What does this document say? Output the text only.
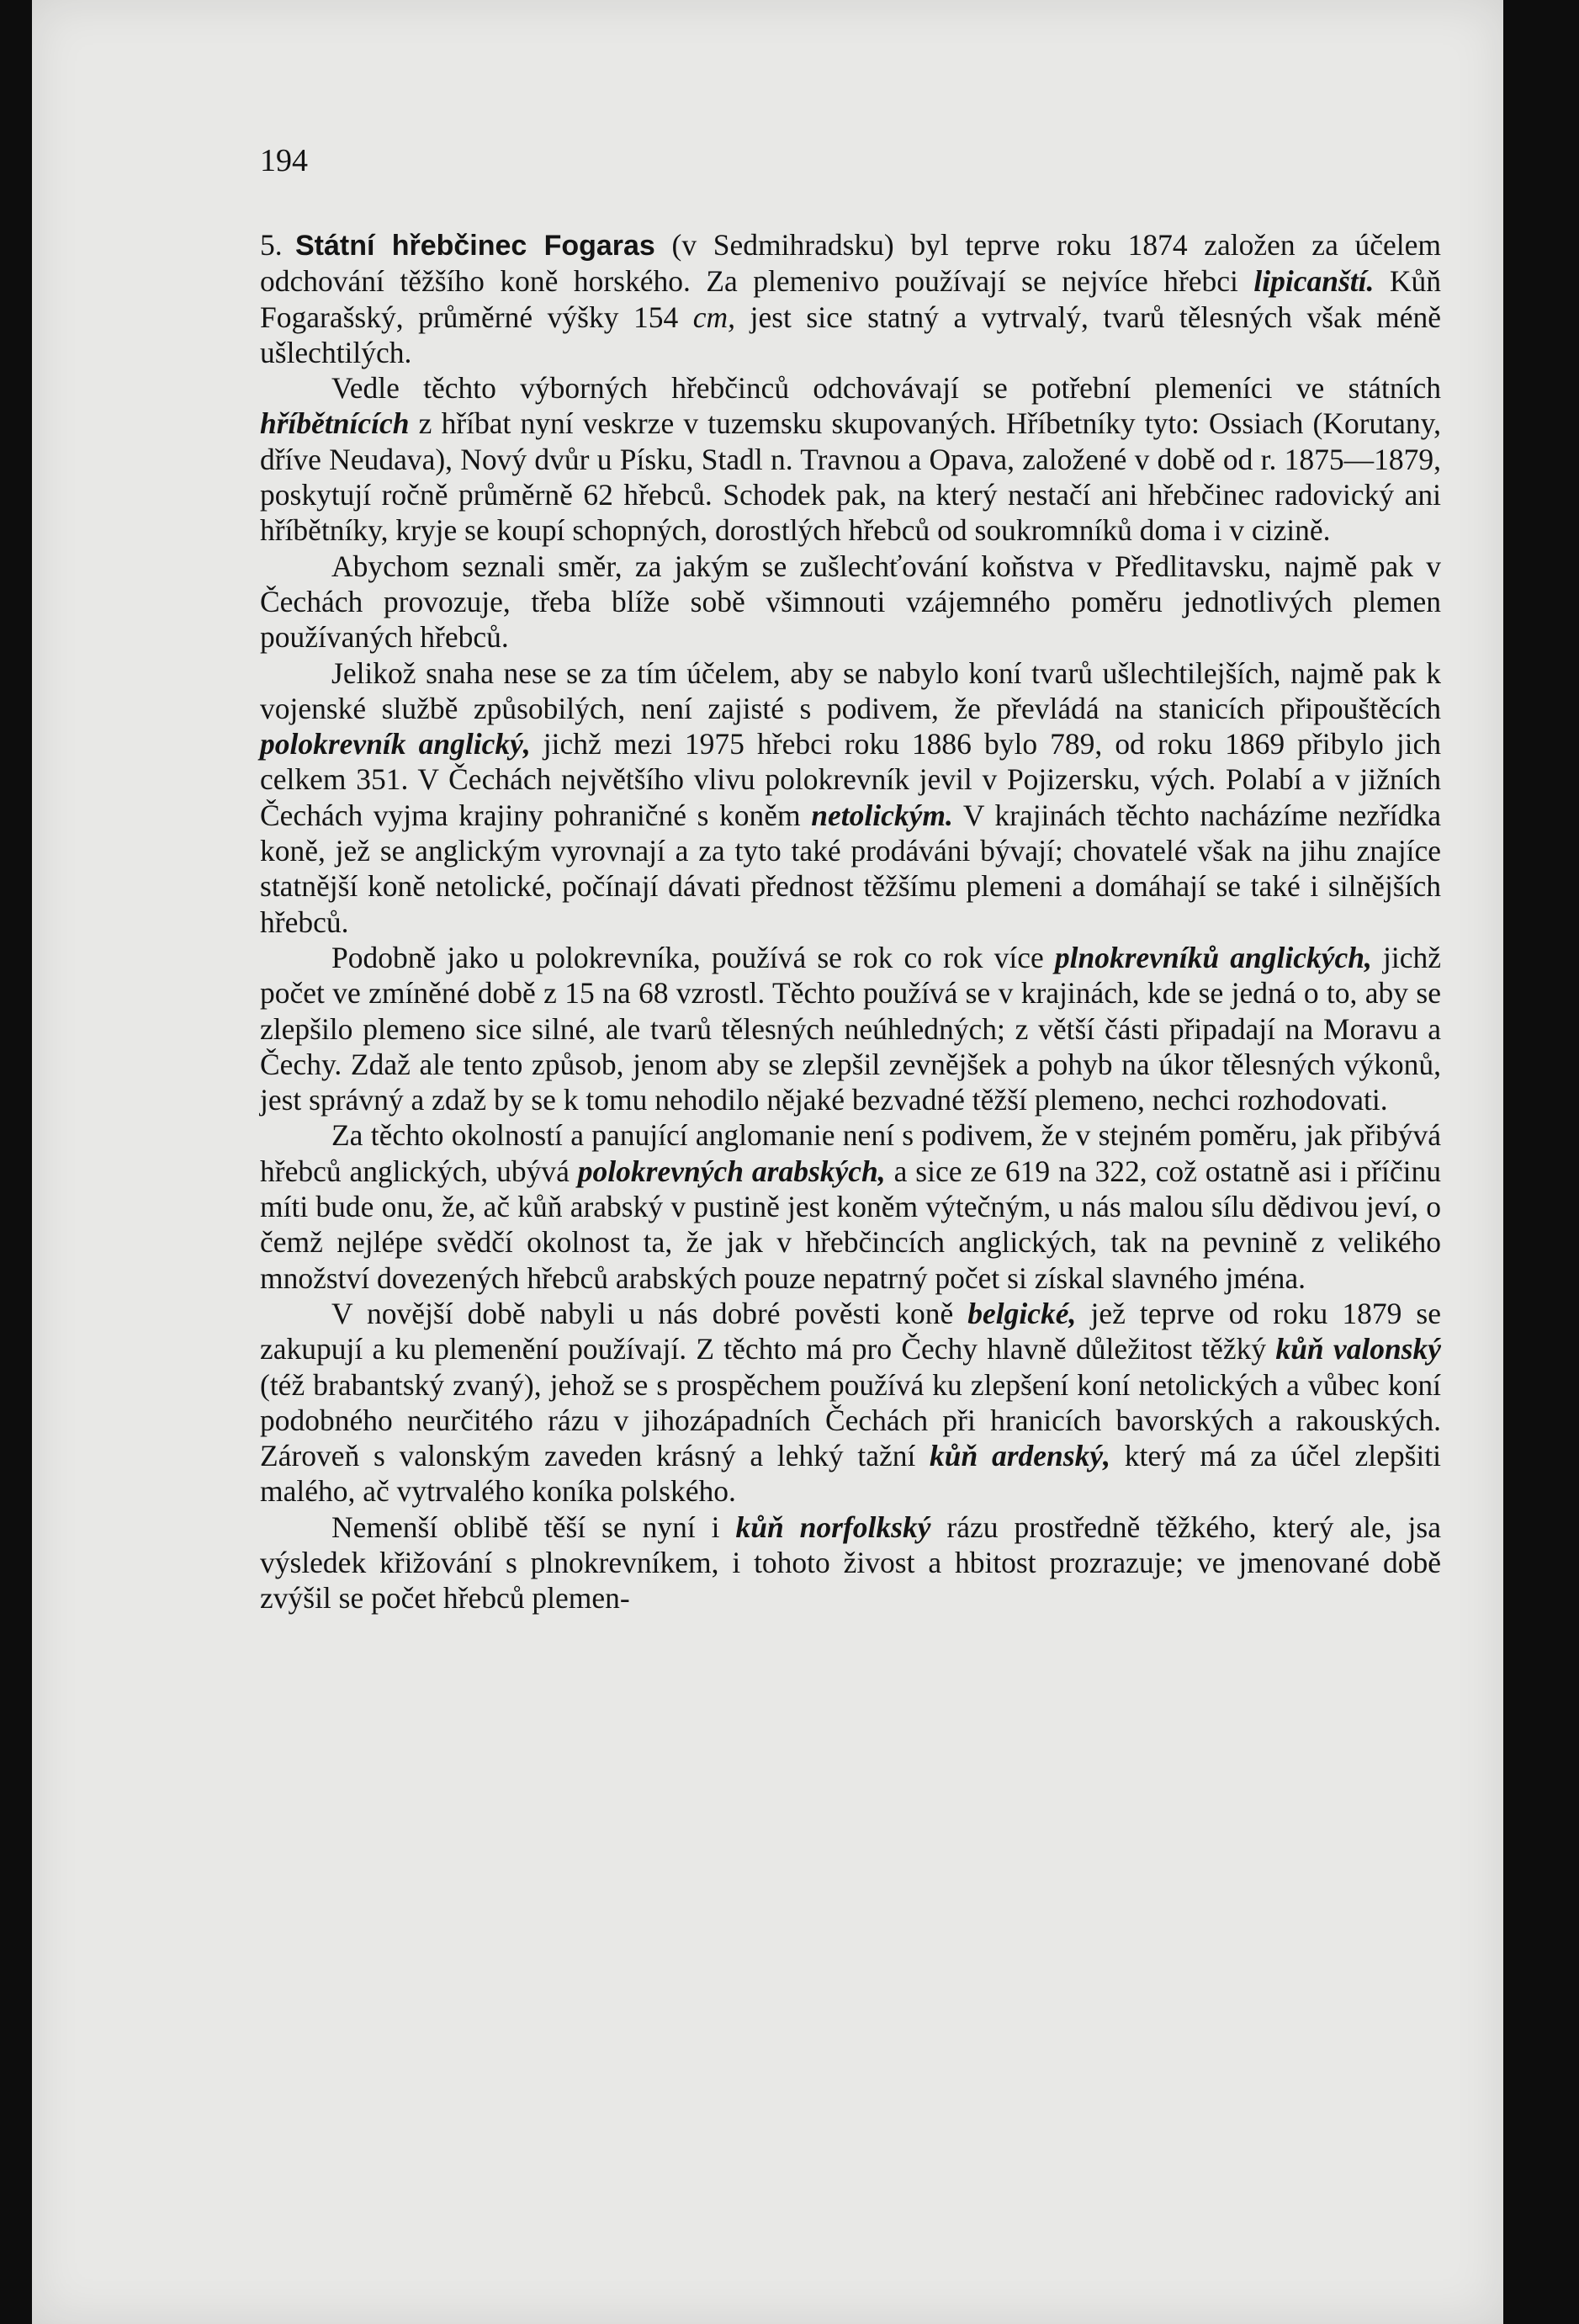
194

5. Státní hřebčinec Fogaras (v Sedmihradsku) byl teprve roku 1874 založen za účelem odchování těžšího koně horského. Za plemenivo používají se nejvíce hřebci lipicanští. Kůň Fogarašský, průměrné výšky 154 cm, jest sice statný a vytrvalý, tvarů tělesných však méně ušlechtilých.

Vedle těchto výborných hřebčinců odchovávají se potřební plemeníci ve státních hříbětnících z hříbat nyní veskrze v tuzemsku skupovaných. Hříbetníky tyto: Ossiach (Korutany, dříve Neudava), Nový dvůr u Písku, Stadl n. Travnou a Opava, založené v době od r. 1875—1879, poskytují ročně průměrně 62 hřebců. Schodek pak, na který nestačí ani hřebčinec radovický ani hříbětníky, kryje se koupí schopných, dorostlých hřebců od soukromníků doma i v cizině.

Abychom seznali směr, za jakým se zušlechťování koňstva v Předlitavsku, najmě pak v Čechách provozuje, třeba blíže sobě všimnouti vzájemného poměru jednotlivých plemen používaných hřebců.

Jelikož snaha nese se za tím účelem, aby se nabylo koní tvarů ušlechtilejších, najmě pak k vojenské službě způsobilých, není zajisté s podivem, že převládá na stanicích připouštěcích polokrevník anglický, jichž mezi 1975 hřebci roku 1886 bylo 789, od roku 1869 přibylo jich celkem 351. V Čechách největšího vlivu polokrevník jevil v Pojizersku, vých. Polabí a v jižních Čechách vyjma krajiny pohraničné s koněm netolickým. V krajinách těchto nacházíme nezřídka koně, jež se anglickým vyrovnají a za tyto také prodáváni bývají; chovatelé však na jihu znajíce statnější koně netolické, počínají dávati přednost těžšímu plemeni a domáhají se také i silnějších hřebců.

Podobně jako u polokrevníka, používá se rok co rok více plnokrevníků anglických, jichž počet ve zmíněné době z 15 na 68 vzrostl. Těchto používá se v krajinách, kde se jedná o to, aby se zlepšilo plemeno sice silné, ale tvarů tělesných neúhledných; z větší části připadají na Moravu a Čechy. Zdaž ale tento způsob, jenom aby se zlepšil zevnějšek a pohyb na úkor tělesných výkonů, jest správný a zdaž by se k tomu nehodilo nějaké bezvadné těžší plemeno, nechci rozhodovati.

Za těchto okolností a panující anglomanie není s podivem, že v stejném poměru, jak přibývá hřebců anglických, ubývá polokrevných arabských, a sice ze 619 na 322, což ostatně asi i příčinu míti bude onu, že, ač kůň arabský v pustině jest koněm výtečným, u nás malou sílu dědivou jeví, o čemž nejlépe svědčí okolnost ta, že jak v hřebčincích anglických, tak na pevnině z velikého množství dovezených hřebců arabských pouze nepatrný počet si získal slavného jména.

V novější době nabyli u nás dobré pověsti koně belgické, jež teprve od roku 1879 se zakupují a ku plemenění používají. Z těchto má pro Čechy hlavně důležitost těžký kůň valonský (též brabantský zvaný), jehož se s prospěchem používá ku zlepšení koní netolických a vůbec koní podobného neurčitého rázu v jihozápadních Čechách při hranicích bavorských a rakouských. Zároveň s valonským zaveden krásný a lehký tažní kůň ardenský, který má za účel zlepšiti malého, ač vytrvalého koníka polského.

Nemenší oblibě těší se nyní i kůň norfolkský rázu prostředně těžkého, který ale, jsa výsledek křižování s plnokrevníkem, i tohoto živost a hbitost prozrazuje; ve jmenované době zvýšil se počet hřebců plemen-
